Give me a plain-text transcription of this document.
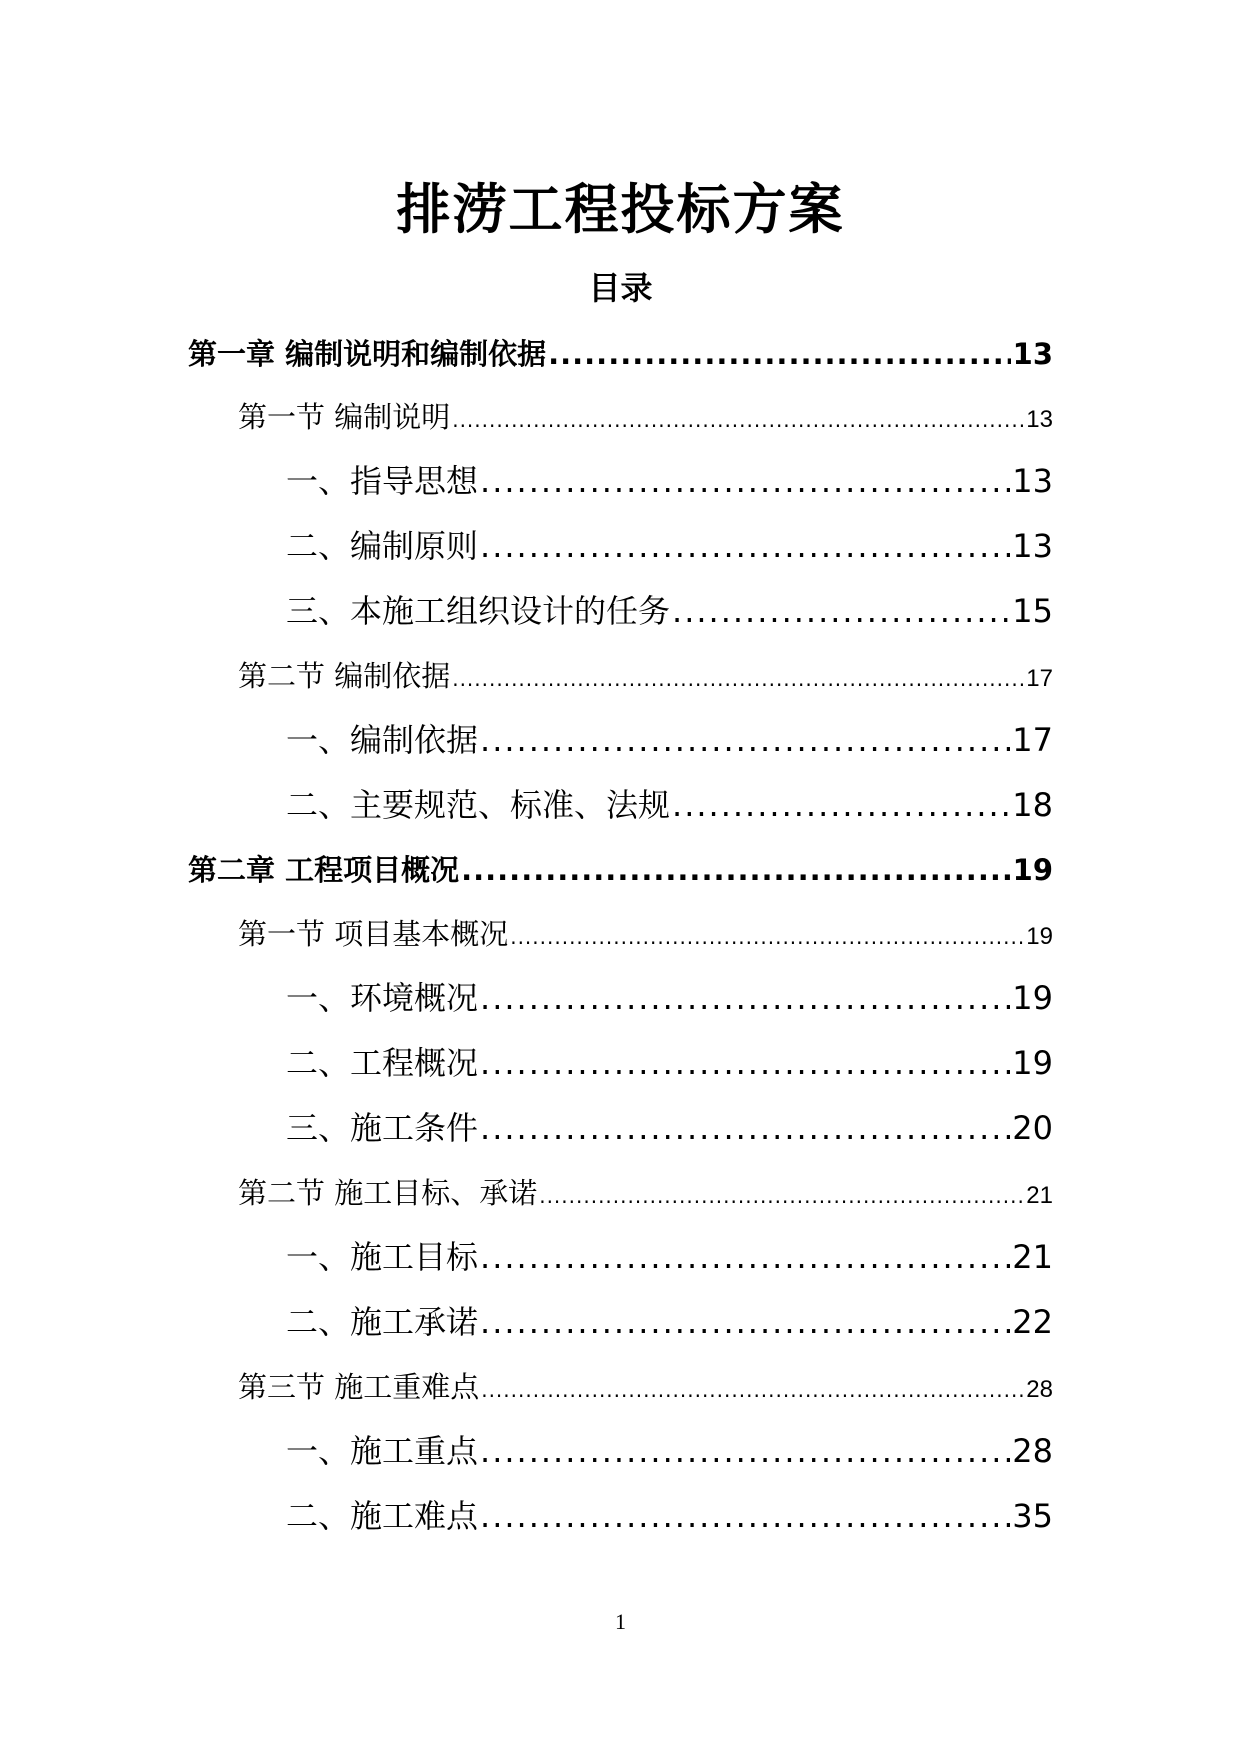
排涝工程投标方案
目录
第一章 编制说明和编制依据 .....	13
第一节 编制说明 .....	13
一、指导思想 .....	13
二、编制原则 .....	13
三、本施工组织设计的任务 .....	15
第二节 编制依据 .....	17
一、编制依据 .....	17
二、主要规范、标准、法规 .....	18
第二章 工程项目概况 .....	19
第一节 项目基本概况 .....	19
一、环境概况 .....	19
二、工程概况 .....	19
三、施工条件 .....	20
第二节 施工目标、承诺 .....	21
一、施工目标 .....	21
二、施工承诺 .....	22
第三节 施工重难点 .....	28
一、施工重点 .....	28
二、施工难点 .....	35
1
